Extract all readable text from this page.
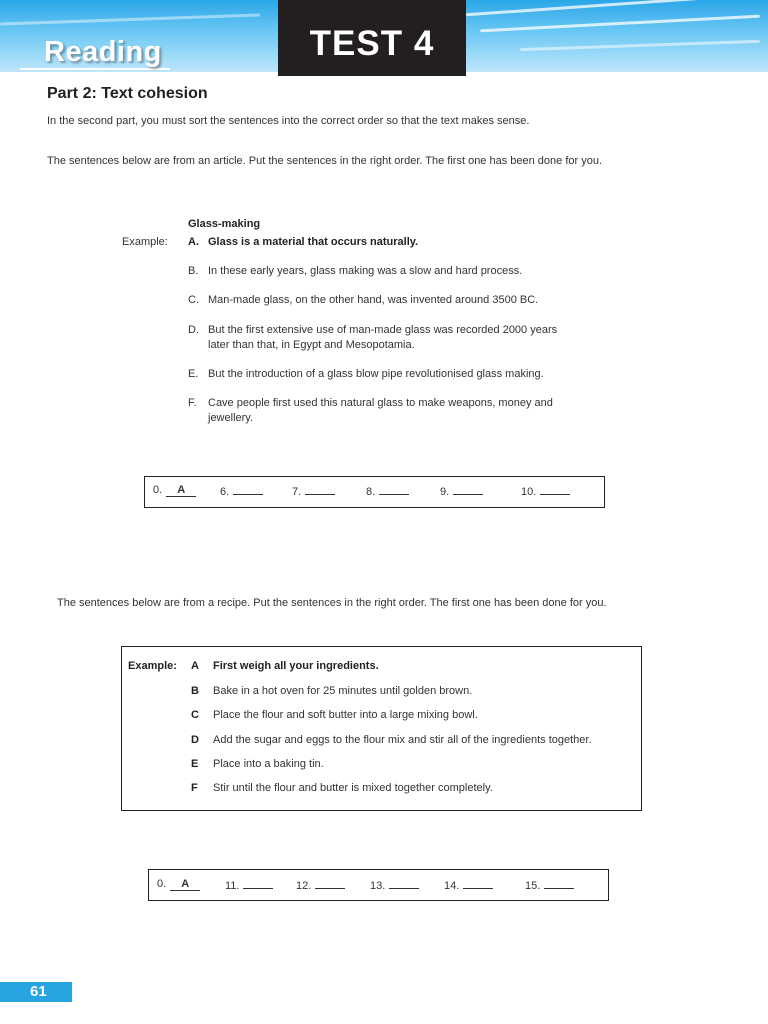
Reading	TEST 4
Part 2: Text cohesion
In the second part, you must sort the sentences into the correct order so that the text makes sense.
The sentences below are from an article. Put the sentences in the right order. The first one has been done for you.
Glass-making
Example: A. Glass is a material that occurs naturally.
B. In these early years, glass making was a slow and hard process.
C. Man-made glass, on the other hand, was invented around 3500 BC.
D. But the first extensive use of man-made glass was recorded 2000 years
later than that, in Egypt and Mesopotamia.
E. But the introduction of a glass blow pipe revolutionised glass making.
F. Cave people first used this natural glass to make weapons, money and
jewellery.
0. A	6.	7.	8.	9.	10.
The sentences below are from a recipe. Put the sentences in the right order. The first one has been done for you.
Example: A First weigh all your ingredients.
B Bake in a hot oven for 25 minutes until golden brown.
C Place the flour and soft butter into a large mixing bowl.
D Add the sugar and eggs to the flour mix and stir all of the ingredients together.
E Place into a baking tin.
F Stir until the flour and butter is mixed together completely.
0. A	11.	12.	13.	14.	15.
61
